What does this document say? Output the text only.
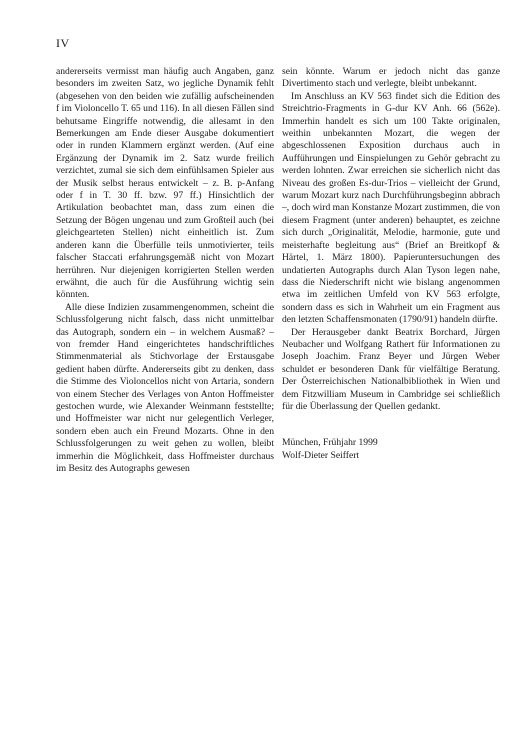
IV

andererseits vermisst man häufig auch Angaben, ganz besonders im zweiten Satz, wo jegliche Dynamik fehlt (abgesehen von den beiden wie zufällig aufscheinenden f im Violoncello T. 65 und 116). In all diesen Fällen sind behutsame Eingriffe notwendig, die allesamt in den Bemerkungen am Ende dieser Ausgabe dokumentiert oder in runden Klammern ergänzt werden. (Auf eine Ergänzung der Dynamik im 2. Satz wurde freilich verzichtet, zumal sie sich dem einfühlsamen Spieler aus der Musik selbst heraus entwickelt – z. B. p-Anfang oder f in T. 30 ff. bzw. 97 ff.) Hinsichtlich der Artikulation beobachtet man, dass zum einen die Setzung der Bögen ungenau und zum Großteil auch (bei gleichgearteten Stellen) nicht einheitlich ist. Zum anderen kann die Überfülle teils unmotivierter, teils falscher Staccati erfahrungsgemäß nicht von Mozart herrühren. Nur diejenigen korrigierten Stellen werden erwähnt, die auch für die Ausführung wichtig sein könnten.

Alle diese Indizien zusammengenommen, scheint die Schlussfolgerung nicht falsch, dass nicht unmittelbar das Autograph, sondern ein – in welchem Ausmaß? – von fremder Hand eingerichtetes handschriftliches Stimmenmaterial als Stichvorlage der Erstausgabe gedient haben dürfte. Andererseits gibt zu denken, dass die Stimme des Violoncellos nicht von Artaria, sondern von einem Stecher des Verlages von Anton Hoffmeister gestochen wurde, wie Alexander Weinmann feststellte; und Hoffmeister war nicht nur gelegentlich Verleger, sondern eben auch ein Freund Mozarts. Ohne in den Schlussfolgerungen zu weit gehen zu wollen, bleibt immerhin die Möglichkeit, dass Hoffmeister durchaus im Besitz des Autographs gewesen

sein könnte. Warum er jedoch nicht das ganze Divertimento stach und verlegte, bleibt unbekannt.

Im Anschluss an KV 563 findet sich die Edition des Streichtrio-Fragments in G-dur KV Anh. 66 (562e). Immerhin handelt es sich um 100 Takte originalen, weithin unbekannten Mozart, die wegen der abgeschlossenen Exposition durchaus auch in Aufführungen und Einspielungen zu Gehör gebracht zu werden lohnten. Zwar erreichen sie sicherlich nicht das Niveau des großen Es-dur-Trios – vielleicht der Grund, warum Mozart kurz nach Durchführungsbeginn abbrach –, doch wird man Konstanze Mozart zustimmen, die von diesem Fragment (unter anderen) behauptet, es zeichne sich durch „Originalität, Melodie, harmonie, gute und meisterhafte begleitung aus“ (Brief an Breitkopf & Härtel, 1. März 1800). Papieruntersuchungen des undatierten Autographs durch Alan Tyson legen nahe, dass die Niederschrift nicht wie bislang angenommen etwa im zeitlichen Umfeld von KV 563 erfolgte, sondern dass es sich in Wahrheit um ein Fragment aus den letzten Schaffensmonaten (1790/91) handeln dürfte.

Der Herausgeber dankt Beatrix Borchard, Jürgen Neubacher und Wolfgang Rathert für Informationen zu Joseph Joachim. Franz Beyer und Jürgen Weber schuldet er besonderen Dank für vielfältige Beratung. Der Österreichischen Nationalbibliothek in Wien und dem Fitzwilliam Museum in Cambridge sei schließlich für die Überlassung der Quellen gedankt.

München, Frühjahr 1999
Wolf-Dieter Seiffert
